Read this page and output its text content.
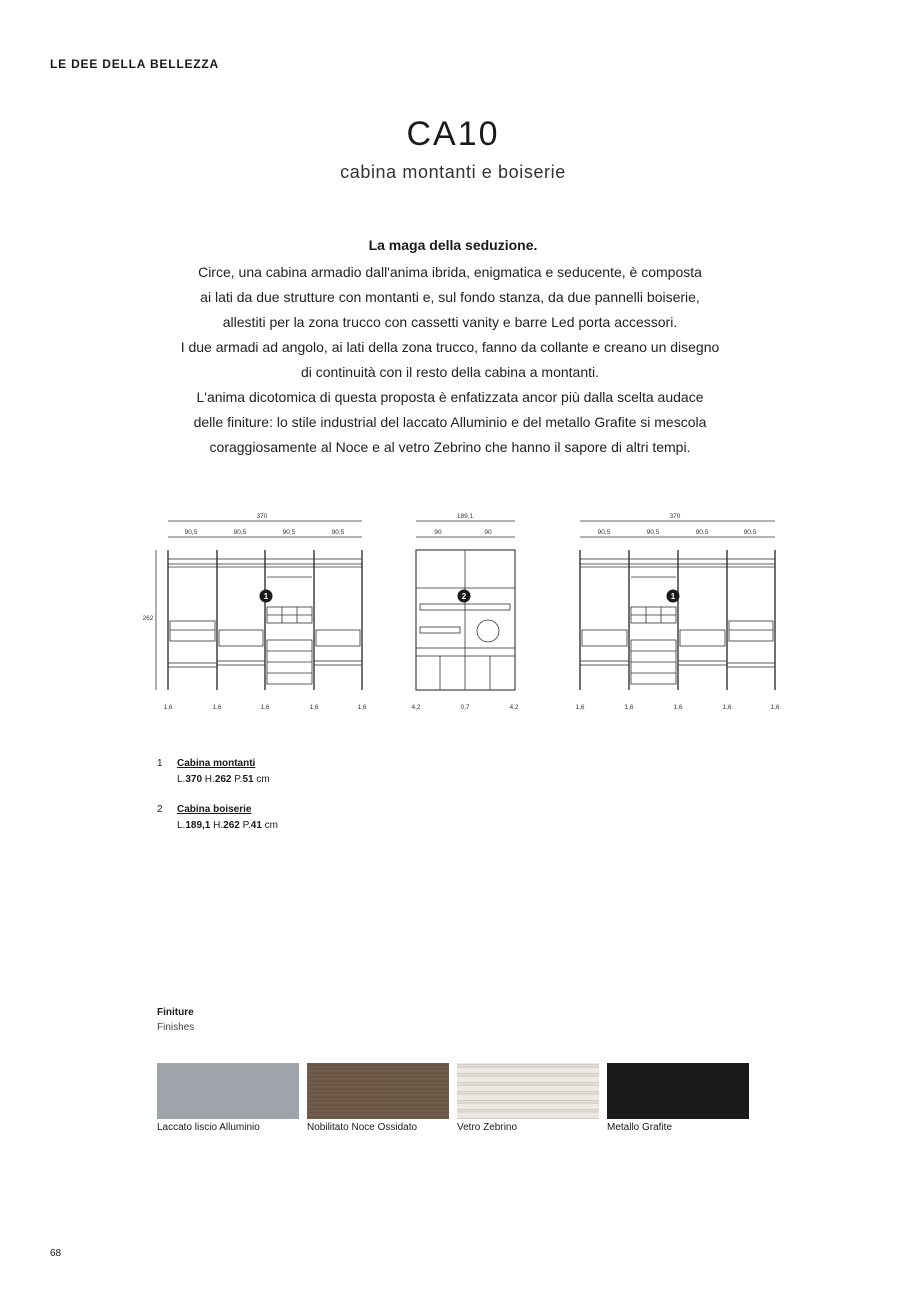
LE DEE DELLA BELLEZZA
CA10
cabina montanti e boiserie
La maga della seduzione.
Circe, una cabina armadio dall'anima ibrida, enigmatica e seducente, è composta
ai lati da due strutture con montanti e, sul fondo stanza, da due pannelli boiserie,
allestiti per la zona trucco con cassetti vanity e barre Led porta accessori.
I due armadi ad angolo, ai lati della zona trucco, fanno da collante e creano un disegno
di continuità con il resto della cabina a montanti.
L'anima dicotomica di questa proposta è enfatizzata ancor più dalla scelta audace
delle finiture: lo stile industrial del laccato Alluminio e del metallo Grafite si mescola
coraggiosamente al Noce e al vetro Zebrino che hanno il sapore di altri tempi.
370
90,5	90,5	90,5	90,5
262
1
1,6	1,6	1,6	1,6	1,6
189,1
90	90
2
4,2	0,7	4,2
370
90,5	90,5	90,5	90,5
1
1,6	1,6	1,6	1,6	1,6
1 Cabina montanti
L.370 H.262 P.51 cm
2 Cabina boiserie
L.189,1 H.262 P.41 cm
Finiture
Finishes
Laccato liscio Alluminio	Nobilitato Noce Ossidato	Vetro Zebrino	Metallo Grafite
68
